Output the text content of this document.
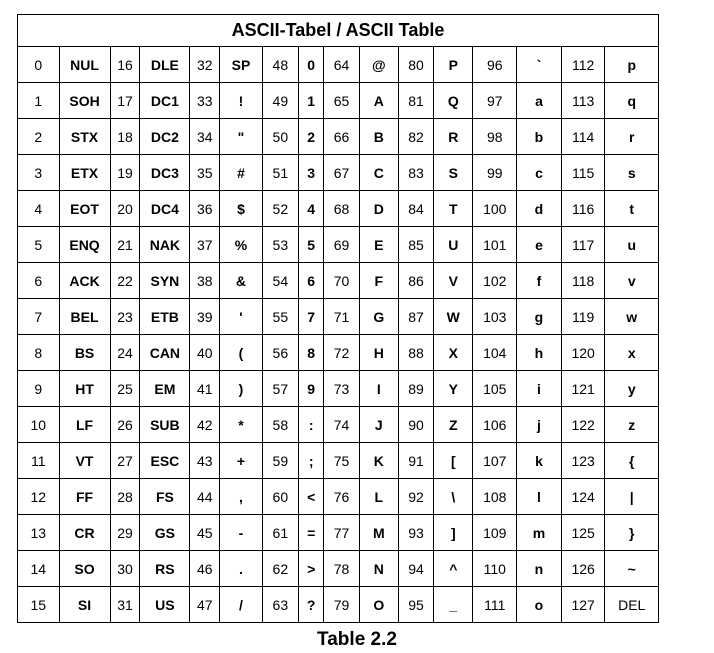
ASCII-Tabel / ASCII Table															
0	NUL	16	DLE	32	SP	48	0	64	@	80	P	96	`	112	p
1	SOH	17	DC1	33	!	49	1	65	A	81	Q	97	a	113	q
2	STX	18	DC2	34	"	50	2	66	B	82	R	98	b	114	r
3	ETX	19	DC3	35	#	51	3	67	C	83	S	99	c	115	s
4	EOT	20	DC4	36	$	52	4	68	D	84	T	100	d	116	t
5	ENQ	21	NAK	37	%	53	5	69	E	85	U	101	e	117	u
6	ACK	22	SYN	38	&	54	6	70	F	86	V	102	f	118	v
7	BEL	23	ETB	39	'	55	7	71	G	87	W	103	g	119	w
8	BS	24	CAN	40	(	56	8	72	H	88	X	104	h	120	x
9	HT	25	EM	41	)	57	9	73	I	89	Y	105	i	121	y
10	LF	26	SUB	42	*	58	:	74	J	90	Z	106	j	122	z
11	VT	27	ESC	43	+	59	;	75	K	91	[	107	k	123	{
12	FF	28	FS	44	,	60	<	76	L	92	\	108	l	124	|
13	CR	29	GS	45	-	61	=	77	M	93	]	109	m	125	}
14	SO	30	RS	46	.	62	>	78	N	94	^	110	n	126	~
15	SI	31	US	47	/	63	?	79	O	95	_	111	o	127	DEL
Table 2.2
